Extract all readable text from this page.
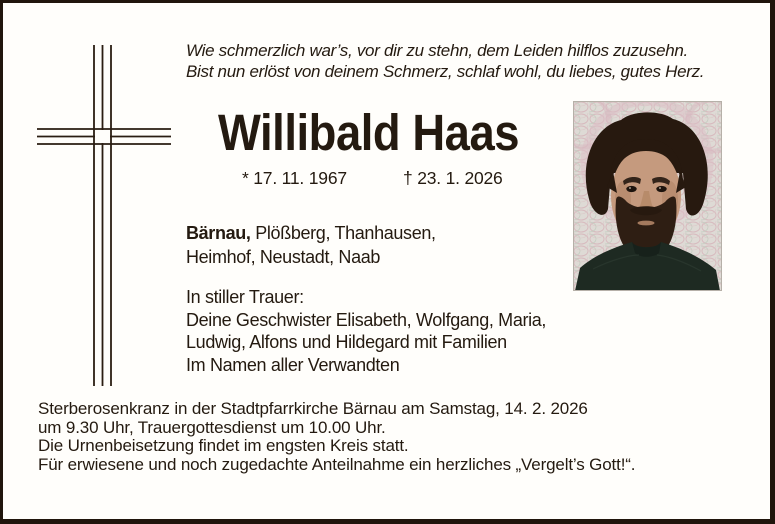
Wie schmerzlich war’s, vor dir zu stehn, dem Leiden hilflos zuzusehn.
Bist nun erlöst von deinem Schmerz, schlaf wohl, du liebes, gutes Herz.
Willibald Haas
* 17. 11. 1967	† 23. 1. 2026
Bärnau, Plößberg, Thanhausen,
Heimhof, Neustadt, Naab
In stiller Trauer:
Deine Geschwister Elisabeth, Wolfgang, Maria,
Ludwig, Alfons und Hildegard mit Familien
Im Namen aller Verwandten
Sterberosenkranz in der Stadtpfarrkirche Bärnau am Samstag, 14. 2. 2026
um 9.30 Uhr, Trauergottesdienst um 10.00 Uhr.
Die Urnenbeisetzung findet im engsten Kreis statt.
Für erwiesene und noch zugedachte Anteilnahme ein herzliches „Vergelt’s Gott!“.
